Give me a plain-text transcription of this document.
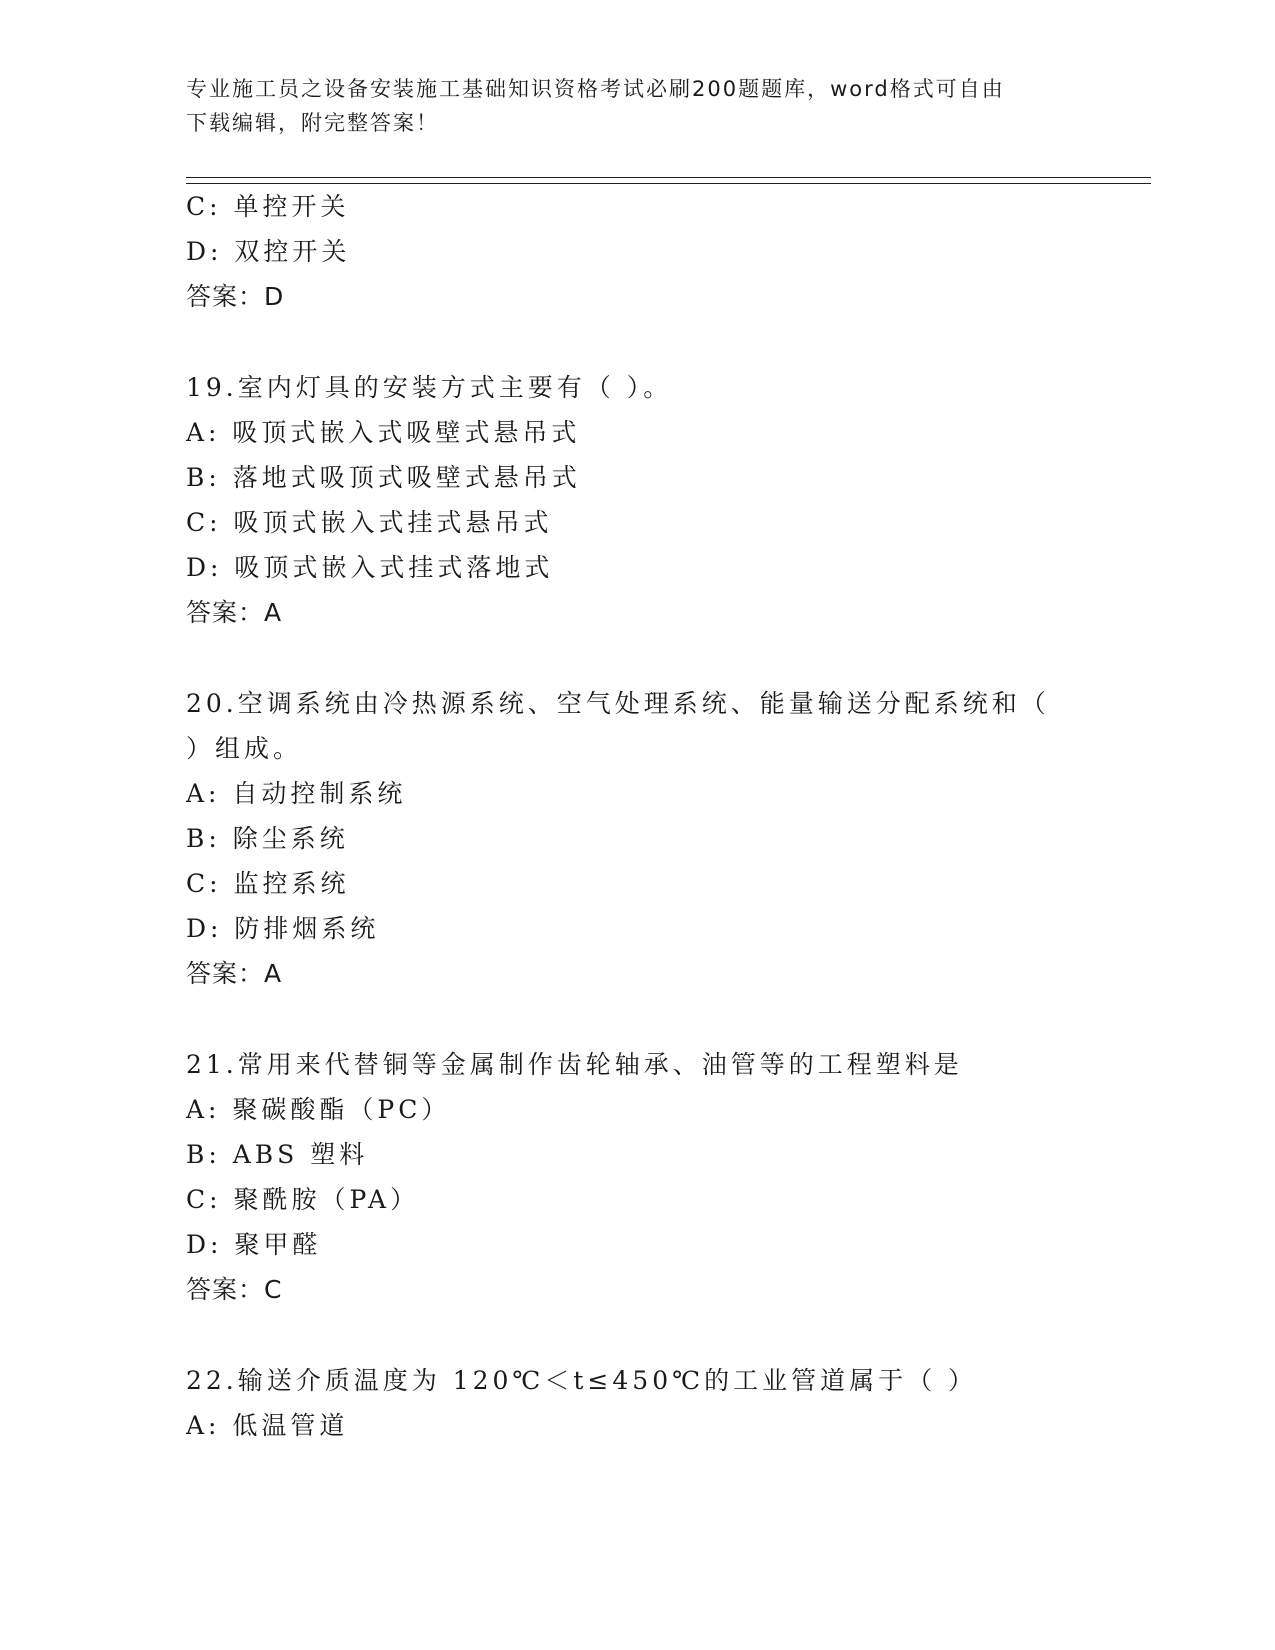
专业施工员之设备安装施工基础知识资格考试必刷200题题库，word格式可自由
下载编辑，附完整答案！
C: 单控开关
D: 双控开关
答案：D
19.室内灯具的安装方式主要有（ ）。
A: 吸顶式嵌入式吸壁式悬吊式
B: 落地式吸顶式吸壁式悬吊式
C: 吸顶式嵌入式挂式悬吊式
D: 吸顶式嵌入式挂式落地式
答案：A
20.空调系统由冷热源系统、空气处理系统、能量输送分配系统和（
）组成。
A: 自动控制系统
B: 除尘系统
C: 监控系统
D: 防排烟系统
答案：A
21.常用来代替铜等金属制作齿轮轴承、油管等的工程塑料是
A: 聚碳酸酯（PC）
B: ABS 塑料
C: 聚酰胺（PA）
D: 聚甲醛
答案：C
22.输送介质温度为 120℃＜t≤450℃的工业管道属于（ ）
A: 低温管道
